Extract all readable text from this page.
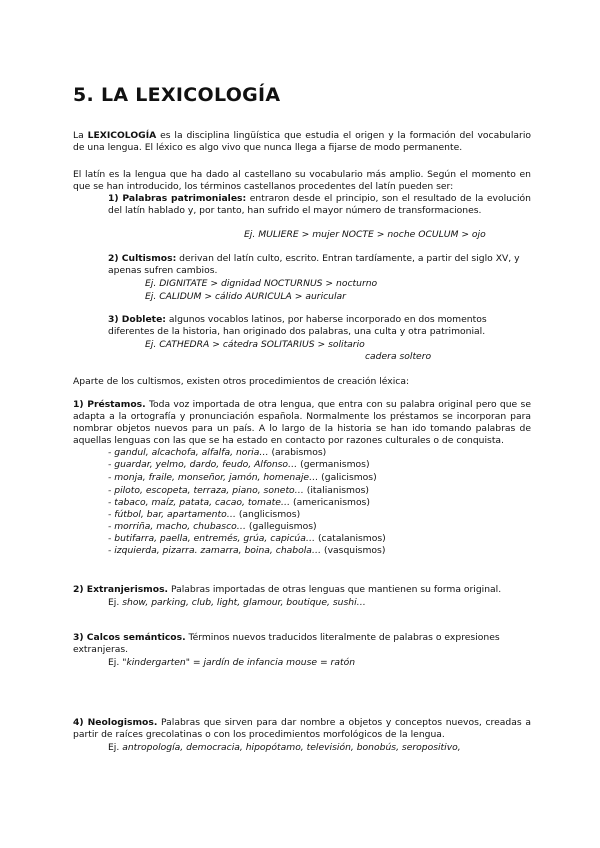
5. LA LEXICOLOGÍA
La LEXICOLOGÍA es la disciplina lingüística que estudia el origen y la formación del vocabulario de una lengua. El léxico es algo vivo que nunca llega a fijarse de modo permanente.
El latín es la lengua que ha dado al castellano su vocabulario más amplio. Según el momento en que se han introducido, los términos castellanos procedentes del latín pueden ser:
1) Palabras patrimoniales: entraron desde el principio, son el resultado de la evolución del latín hablado y, por tanto, han sufrido el mayor número de transformaciones.
Ej. MULIERE > mujer NOCTE > noche OCULUM > ojo
2) Cultismos: derivan del latín culto, escrito. Entran tardíamente, a partir del siglo XV, y apenas sufren cambios.
Ej. DIGNITATE > dignidad NOCTURNUS > nocturno
Ej. CALIDUM > cálido AURICULA > auricular
3) Doblete: algunos vocablos latinos, por haberse incorporado en dos momentos diferentes de la historia, han originado dos palabras, una culta y otra patrimonial.
Ej. CATHEDRA > cátedra SOLITARIUS > solitario
cadera soltero
Aparte de los cultismos, existen otros procedimientos de creación léxica:
1) Préstamos. Toda voz importada de otra lengua, que entra con su palabra original pero que se adapta a la ortografía y pronunciación española. Normalmente los préstamos se incorporan para nombrar objetos nuevos para un país. A lo largo de la historia se han ido tomando palabras de aquellas lenguas con las que se ha estado en contacto por razones culturales o de conquista.
- gandul, alcachofa, alfalfa, noria… (arabismos)
- guardar, yelmo, dardo, feudo, Alfonso… (germanismos)
- monja, fraile, monseñor, jamón, homenaje… (galicismos)
- piloto, escopeta, terraza, piano, soneto… (italianismos)
- tabaco, maíz, patata, cacao, tomate… (americanismos)
- fútbol, bar, apartamento… (anglicismos)
- morriña, macho, chubasco… (galleguismos)
- butifarra, paella, entremés, grúa, capicúa… (catalanismos)
- izquierda, pizarra. zamarra, boina, chabola… (vasquismos)
2) Extranjerismos. Palabras importadas de otras lenguas que mantienen su forma original.
Ej. show, parking, club, light, glamour, boutique, sushi…
3) Calcos semánticos. Términos nuevos traducidos literalmente de palabras o expresiones extranjeras.
Ej. "kindergarten" = jardín de infancia mouse = ratón
4) Neologismos. Palabras que sirven para dar nombre a objetos y conceptos nuevos, creadas a partir de raíces grecolatinas o con los procedimientos morfológicos de la lengua.
Ej. antropología, democracia, hipopótamo, televisión, bonobús, seropositivo,
